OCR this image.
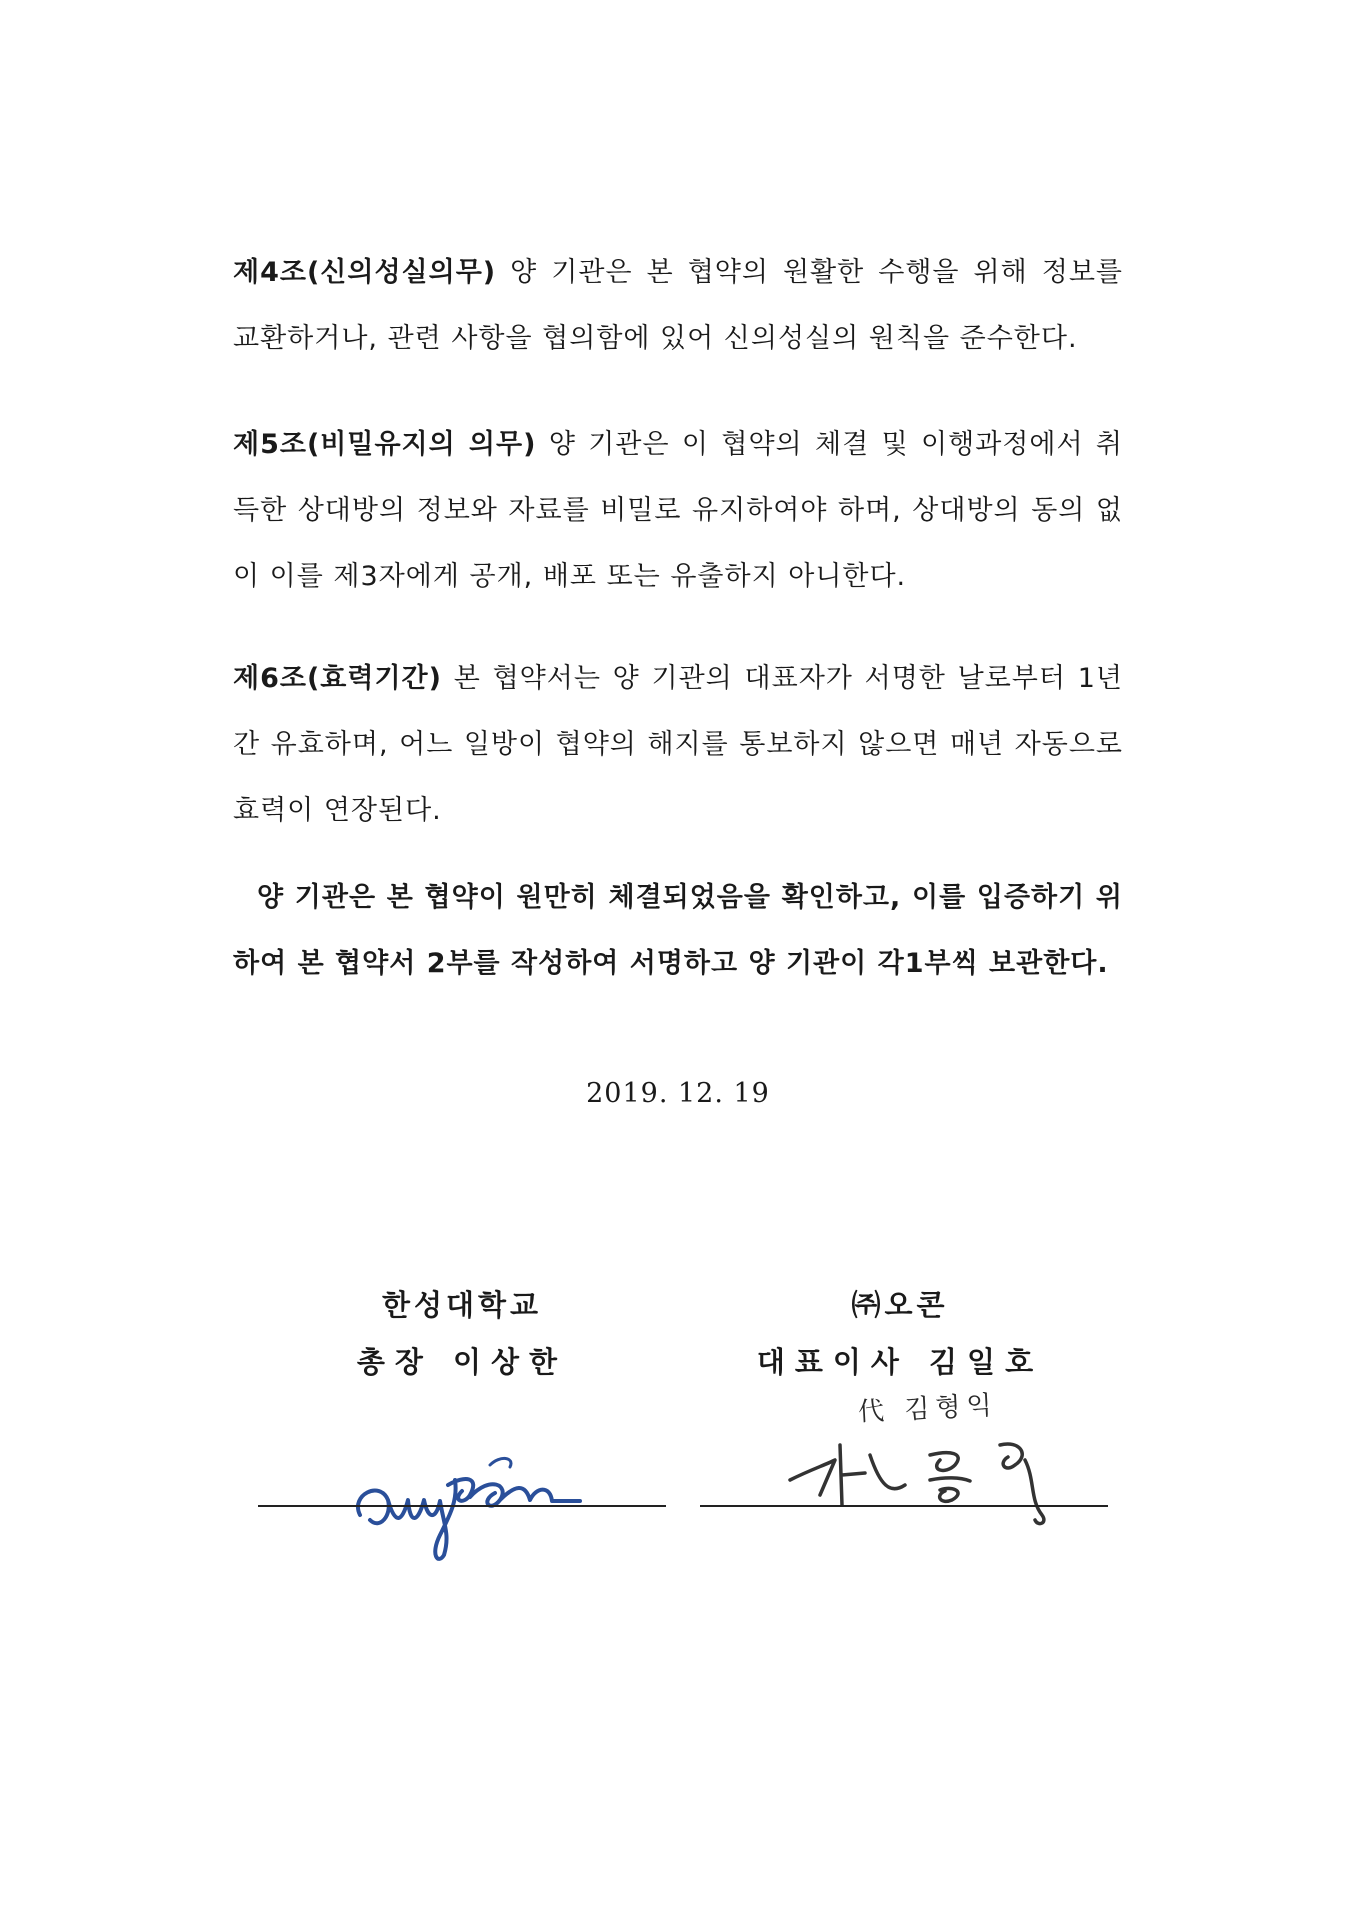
제4조(신의성실의무) 양 기관은 본 협약의 원활한 수행을 위해 정보를 교환하거나, 관련 사항을 협의함에 있어 신의성실의 원칙을 준수한다.
제5조(비밀유지의 의무) 양 기관은 이 협약의 체결 및 이행과정에서 취득한 상대방의 정보와 자료를 비밀로 유지하여야 하며, 상대방의 동의 없이 이를 제3자에게 공개, 배포 또는 유출하지 아니한다.
제6조(효력기간) 본 협약서는 양 기관의 대표자가 서명한 날로부터 1년간 유효하며, 어느 일방이 협약의 해지를 통보하지 않으면 매년 자동으로 효력이 연장된다.
양 기관은 본 협약이 원만히 체결되었음을 확인하고, 이를 입증하기 위하여 본 협약서 2부를 작성하여 서명하고 양 기관이 각1부씩 보관한다.
2019. 12. 19
한성대학교
총장 이상한
㈜오콘
대표이사 김일호
代 김형익
